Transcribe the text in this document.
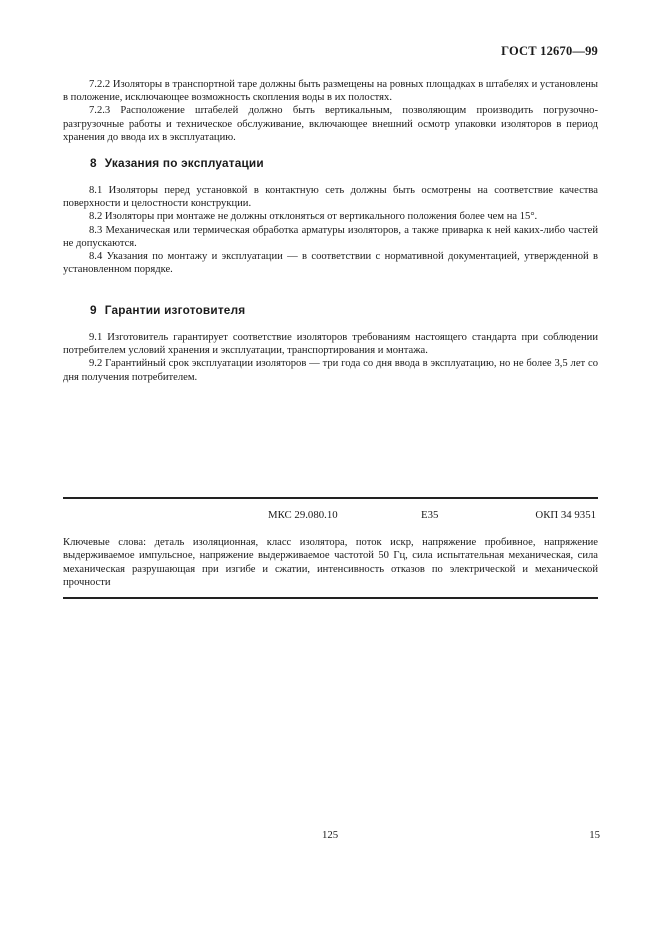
ГОСТ 12670—99

7.2.2 Изоляторы в транспортной таре должны быть размещены на ровных площадках в штабелях и установлены в положение, исключающее возможность скопления воды в их полостях.

7.2.3 Расположение штабелей должно быть вертикальным, позволяющим производить погрузочно-разгрузочные работы и техническое обслуживание, включающее внешний осмотр упаковки изоляторов в период хранения до ввода их в эксплуатацию.

8 Указания по эксплуатации

8.1 Изоляторы перед установкой в контактную сеть должны быть осмотрены на соответствие качества поверхности и целостности конструкции.

8.2 Изоляторы при монтаже не должны отклоняться от вертикального положения более чем на 15°.

8.3 Механическая или термическая обработка арматуры изоляторов, а также приварка к ней каких-либо частей не допускаются.

8.4 Указания по монтажу и эксплуатации — в соответствии с нормативной документацией, утвержденной в установленном порядке.

9 Гарантии изготовителя

9.1 Изготовитель гарантирует соответствие изоляторов требованиям настоящего стандарта при соблюдении потребителем условий хранения и эксплуатации, транспортирования и монтажа.

9.2 Гарантийный срок эксплуатации изоляторов — три года со дня ввода в эксплуатацию, но не более 3,5 лет со дня получения потребителем.

МКС 29.080.10	Е35	ОКП 34 9351
Ключевые слова: деталь изоляционная, класс изолятора, поток искр, напряжение пробивное, напряжение выдерживаемое импульсное, напряжение выдерживаемое частотой 50 Гц, сила испытательная механическая, сила механическая разрушающая при изгибе и сжатии, интенсивность отказов по электрической и механической прочности
125	15
